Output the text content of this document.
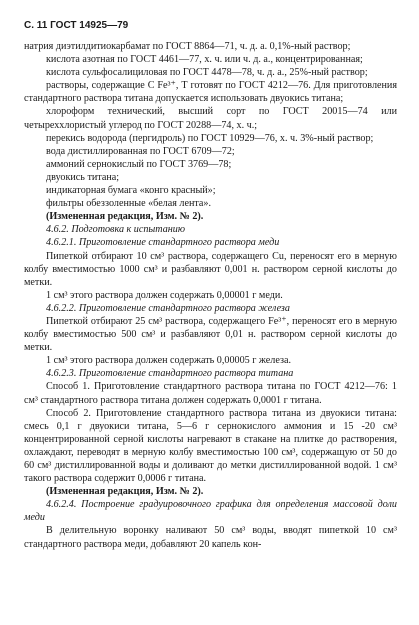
С. 11 ГОСТ 14925—79

натрия диэтилдитиокарбамат по ГОСТ 8864—71, ч. д. а. 0,1%-ный раствор;

кислота азотная по ГОСТ 4461—77, х. ч. или ч. д. а., концентрированная;

кислота сульфосалициловая по ГОСТ 4478—78, ч. д. а., 25%-ный раствор;

растворы, содержащие С Fe³⁺, Т готовят по ГОСТ 4212—76. Для приготовления стандартного раствора титана допускается использовать двуокись титана;

хлороформ технический, высший сорт по ГОСТ 20015—74 или четыреххлористый углерод по ГОСТ 20288—74, х. ч.;

перекись водорода (пергидроль) по ГОСТ 10929—76, х. ч. 3%-ный раствор;

вода дистиллированная по ГОСТ 6709—72;

аммоний сернокислый по ГОСТ 3769—78;

двуокись титана;

индикаторная бумага «конго красный»;

фильтры обеззоленные «белая лента».

(Измененная редакция, Изм. № 2).

4.6.2. Подготовка к испытанию

4.6.2.1. Приготовление стандартного раствора меди

Пипеткой отбирают 10 см³ раствора, содержащего Cu, переносят его в мерную колбу вместимостью 1000 см³ и разбавляют 0,001 н. раствором серной кислоты до метки.

1 см³ этого раствора должен содержать 0,00001 г меди.

4.6.2.2. Приготовление стандартного раствора железа

Пипеткой отбирают 25 см³ раствора, содержащего Fe³⁺, переносят его в мерную колбу вместимостью 500 см³ и разбавляют 0,01 н. раствором серной кислоты до метки.

1 см³ этого раствора должен содержать 0,00005 г железа.

4.6.2.3. Приготовление стандартного раствора титана

Способ 1. Приготовление стандартного раствора титана по ГОСТ 4212—76: 1 см³ стандартного раствора титана должен содержать 0,0001 г титана.

Способ 2. Приготовление стандартного раствора титана из двуокиси титана: смесь 0,1 г двуокиси титана, 5—6 г сернокислого аммония и 15 -20 см³ концентрированной серной кислоты нагревают в стакане на плитке до растворения, охлаждают, переводят в мерную колбу вместимостью 100 см³, содержащую от 50 до 60 см³ дистиллированной воды и доливают до метки дистиллированной водой. 1 см³ такого раствора содержит 0,0006 г титана.

(Измененная редакция, Изм. № 2).

4.6.2.4. Построение градуировочного графика для определения массовой доли меди

В делительную воронку наливают 50 см³ воды, вводят пипеткой 10 см³ стандартного раствора меди, добавляют 20 капель кон-
